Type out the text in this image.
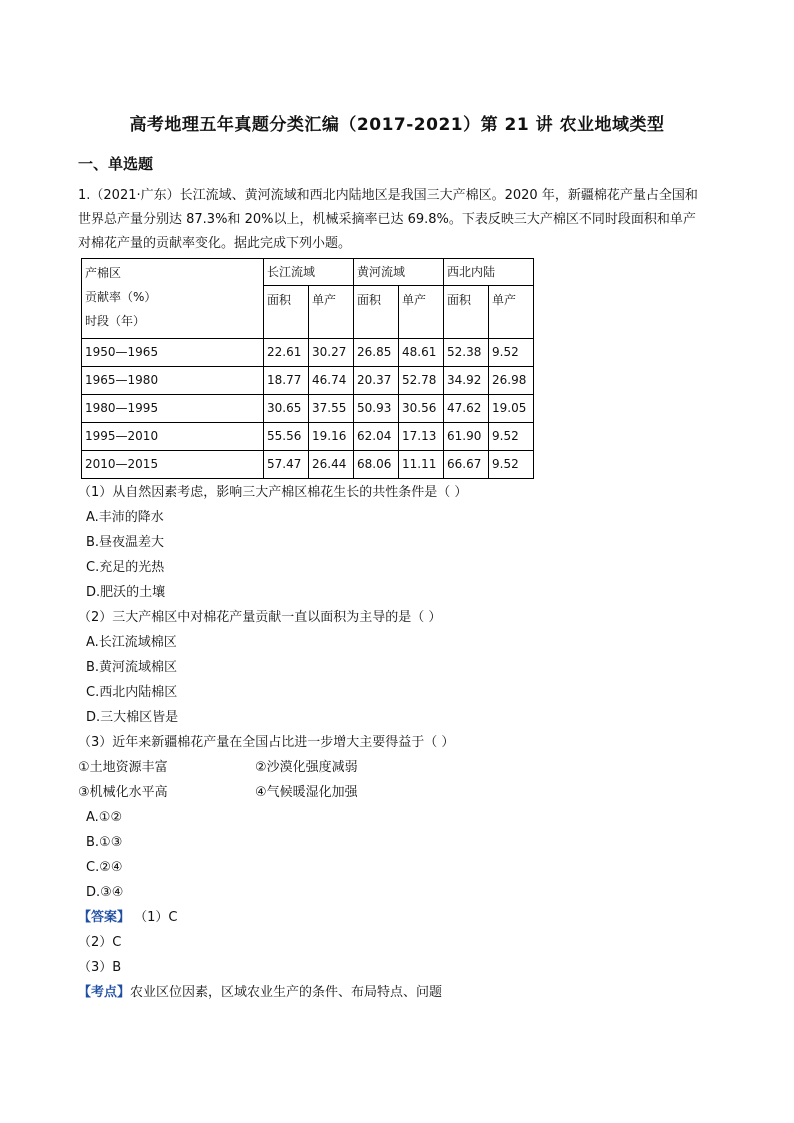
高考地理五年真题分类汇编（2017-2021）第 21 讲 农业地域类型
一、单选题
1.（2021·广东）长江流域、黄河流域和西北内陆地区是我国三大产棉区。2020 年，新疆棉花产量占全国和
世界总产量分别达 87.3%和 20%以上，机械采摘率已达 69.8%。下表反映三大产棉区不同时段面积和单产
对棉花产量的贡献率变化。据此完成下列小题。
产棉区
贡献率（%）
时段（年）	长江流域		黄河流域		西北内陆	
	面积	单产	面积	单产	面积	单产
1950—1965	22.61	30.27	26.85	48.61	52.38	9.52
1965—1980	18.77	46.74	20.37	52.78	34.92	26.98
1980—1995	30.65	37.55	50.93	30.56	47.62	19.05
1995—2010	55.56	19.16	62.04	17.13	61.90	9.52
2010—2015	57.47	26.44	68.06	11.11	66.67	9.52
（1）从自然因素考虑，影响三大产棉区棉花生长的共性条件是（ ）
A.丰沛的降水
B.昼夜温差大
C.充足的光热
D.肥沃的土壤
（2）三大产棉区中对棉花产量贡献一直以面积为主导的是（ ）
A.长江流域棉区
B.黄河流域棉区
C.西北内陆棉区
D.三大棉区皆是
（3）近年来新疆棉花产量在全国占比进一步增大主要得益于（ ）
①土地资源丰富	②沙漠化强度减弱
③机械化水平高	④气候暖湿化加强
A.①②
B.①③
C.②④
D.③④
【答案】 （1）C
（2）C
（3）B
【考点】农业区位因素，区域农业生产的条件、布局特点、问题
